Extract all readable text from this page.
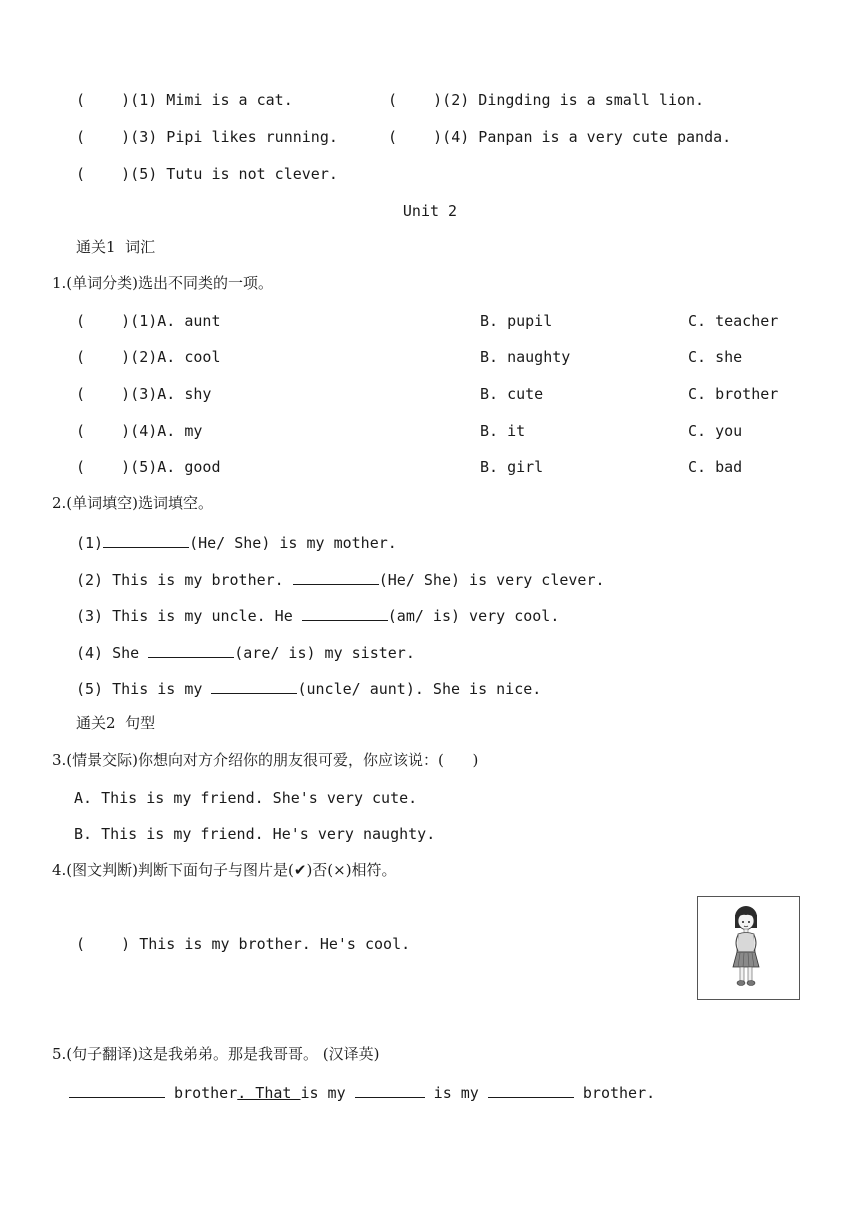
(    )(1) Mimi is a cat.	(    )(2) Dingding is a small lion.
(    )(3) Pipi likes running.	(    )(4) Panpan is a very cute panda.
(    )(5) Tutu is not clever.
Unit 2
通关1  词汇
1.(单词分类)选出不同类的一项。
(    )(1)A. aunt	B. pupil	C. teacher
(    )(2)A. cool	B. naughty	C. she
(    )(3)A. shy	B. cute	C. brother
(    )(4)A. my	B. it	C. you
(    )(5)A. good	B. girl	C. bad
2.(单词填空)选词填空。
(1)	(He/ She) is my mother.
(2) This is my brother.	(He/ She) is very clever.
(3) This is my uncle. He	(am/ is) very cool.
(4) She	(are/ is) my sister.
(5) This is my	(uncle/ aunt). She is nice.
通关2  句型
3.(情景交际)你想向对方介绍你的朋友很可爱，你应该说：(      )
A. This is my friend. She's very cute.
B. This is my friend. He's very naughty.
4.(图文判断)判断下面句子与图片是(✔)否(×)相符。
(    ) This is my brother. He's cool.
5.(句子翻译)这是我弟弟。那是我哥哥。 (汉译英)
brother. That is my	is my	brother.
